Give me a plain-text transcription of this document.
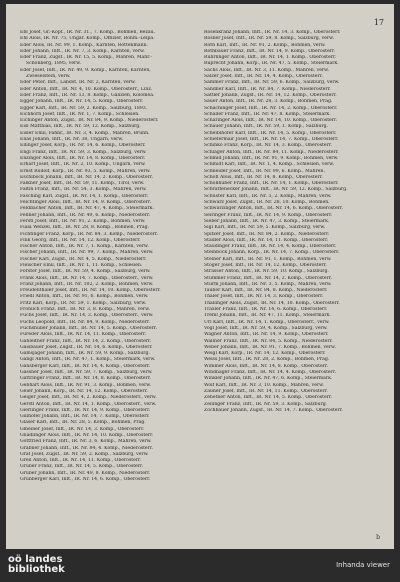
17
Ebl Josef, Gr.-Kopf., IR. Nr. 31., 7. Komp., Böhmen, Bezau.
Ehl Alois, IR. Nr. 75, Ungar. Komp., Offizier, Böhm.-Leipa.
Eder Alois, IR. Nr. 99, 1. Komp., Kärnten, Rottenmann.
Eder Johann, Inft., IR. Nr. 7, 3. Komp., Kärnten, verw.
Eder Franz, Zugsf., IR. Nr. 15, 5. Komp., Mähren, Mähr.-
Schönberg, 1895, verw.
Eder Josef, Inft., IR. Nr. 49, 9. Komp., Kärnten, Kärnten,
Zwieselstein, verw.
Eder Peter, Inft., Landst. IR. Nr. 2, Kärnten, verw.
Eder Anton, Inft., IR. Nr. 4, 10. Komp., Oberösterr., Linz.
Eder Franz, Inft., IR. Nr. 13, 8. Komp., Galizien, Kolomea.
Egger Johann, Inft., IR. Nr. 14, 5. Komp., Oberösterr.
Egger Karl, Inft., IR. Nr. 59, 2. Komp., Salzburg, 1893.
Eichhorn Josef, Inft., IR. Nr. 1, 7. Komp., Schlesien.
Eichinger Anton, Zugsf., IR. Nr. 84, 9. Komp., Niederösterr.
Eisl Matthias, Inft., IR. Nr. 59, 12. Komp., Salzburg.
Eisler Emil, Fähnr., IR. Nr. 3, 4. Komp., Mähren, Brünn.
Elias Johann, Inft., IR. Nr. 38, Ungarn, verw.
Ellinger Josef, Korp., IR. Nr. 14, 6. Komp., Oberösterr.
Engl Franz, Inft., IR. Nr. 59, 3. Komp., Salzburg, verw.
Enzinger Alois, Inft., IR. Nr. 14, 8. Komp., Oberösterr.
Erhart Josef, Inft., IR. Nr. 2, 10. Komp., Ungarn, verw.
Ernst Rudolf, Korp., IR. Nr. 93, 5. Komp., Mähren, verw.
Eschlböck Johann, Inft., IR. Nr. 14, 2. Komp., Oberösterr.
Falkner Josef, Inft., IR. Nr. 59, 11. Komp., Tirol, verw.
Faltin Franz, Inft., IR. Nr. 54, 3. Komp., Mähren, verw.
Fasching Karl, Zugsf., IR. Nr. 14, 1. Komp., Oberösterr.
Feichtinger Alois, Inft., IR. Nr. 14, 9. Komp., Oberösterr.
Feldbacher Anton, Inft., IR. Nr. 47, 4. Komp., Steiermark.
Fellner Johann, Inft., IR. Nr. 49, 6. Komp., Niederösterr.
Ferstl Josef, Inft., IR. Nr. 91, 2. Komp., Böhmen, verw.
Fiala Wenzel, Inft., IR. Nr. 28, 8. Komp., Böhmen, Prag.
Fichtinger Franz, Korp., IR. Nr. 84, 3. Komp., Niederösterr.
Fink Georg, Inft., IR. Nr. 14, 12. Komp., Oberösterr.
Fischer Anton, Inft., IR. Nr. 7, 1. Komp., Kärnten, verw.
Fischer Johann, Inft., IR. Nr. 99, 7. Komp., Mähren, verw.
Fischer Karl, Zugsf., IR. Nr. 4, 5. Komp., Niederösterr.
Fleischer Emil, Inft., IR. Nr. 1, 11. Komp., Schlesien.
Forster Josef, Inft., IR. Nr. 59, 4. Komp., Salzburg, verw.
Frank Alois, Inft., IR. Nr. 14, 7. Komp., Oberösterr., verw.
Franz Johann, Inft., IR. Nr. 102, 2. Komp., Böhmen, verw.
Freudenthaler Josef, Inft., IR. Nr. 14, 10. Komp., Oberösterr.
Friedl Anton, Inft., IR. Nr. 91, 6. Komp., Böhmen, verw.
Fritz Karl, Korp., IR. Nr. 59, 1. Komp., Salzburg, verw.
Fröhlich Franz, Inft., IR. Nr. 3, 8. Komp., Mähren, verw.
Fuchs Josef, Inft., IR. Nr. 14, 3. Komp., Oberösterr., verw.
Fuchs Leopold, Inft., IR. Nr. 84, 9. Komp., Niederösterr.
Fuchshuber Johann, Inft., IR. Nr. 14, 5. Komp., Oberösterr.
Füreder Alois, Inft., IR. Nr. 14, 11. Komp., Oberösterr.
Gahleitner Franz, Inft., IR. Nr. 14, 2. Komp., Oberösterr.
Gaisbauer Josef, Zugsf., IR. Nr. 14, 6. Komp., Oberösterr.
Gamsjäger Johann, Inft., IR. Nr. 59, 9. Komp., Salzburg.
Gangl Anton, Inft., IR. Nr. 47, 1. Komp., Steiermark, verw.
Gansberger Karl, Inft., IR. Nr. 14, 4. Komp., Oberösterr.
Gassner Josef, Inft., IR. Nr. 59, 7. Komp., Salzburg, verw.
Gattringer Franz, Inft., IR. Nr. 14, 8. Komp., Oberösterr.
Gebhart Alois, Inft., IR. Nr. 91, 3. Komp., Böhmen, verw.
Geier Johann, Korp., IR. Nr. 14, 12. Komp., Oberösterr.
Geiger Josef, Inft., IR. Nr. 4, 2. Komp., Niederösterr., verw.
Gerstl Anton, Inft., IR. Nr. 14, 1. Komp., Oberösterr., verw.
Gierlinger Franz, Inft., IR. Nr. 14, 9. Komp., Oberösterr.
Gillhofer Johann, Inft., IR. Nr. 14, 7. Komp., Oberösterr.
Glaser Karl, Inft., IR. Nr. 28, 5. Komp., Böhmen, Prag.
Gmeiner Josef, Inft., IR. Nr. 14, 3. Komp., Oberösterr.
Gnadlinger Alois, Inft., IR. Nr. 14, 10. Komp., Oberösterr.
Gottfried Franz, Inft., IR. Nr. 3, 6. Komp., Mähren, verw.
Grabner Johann, Inft., IR. Nr. 84, 4. Komp., Niederösterr.
Graf Josef, Zugsf., IR. Nr. 59, 2. Komp., Salzburg, verw.
Greil Anton, Inft., IR. Nr. 14, 11. Komp., Oberösterr.
Gruber Franz, Inft., IR. Nr. 14, 5. Komp., Oberösterr.
Gruber Johann, Inft., IR. Nr. 49, 8. Komp., Niederösterr.
Grünberger Karl, Inft., IR. Nr. 14, 6. Komp., Oberösterr.
Rosenkranz Johann, Inft., IR. Nr. 14, 3. Komp., Oberösterr.
Rosner Josef, Inft., IR. Nr. 59, 8. Komp., Salzburg, verw.
Roth Karl, Inft., IR. Nr. 91, 2. Komp., Böhmen, verw.
Rothbauer Franz, Inft., IR. Nr. 14, 9. Komp., Oberösterr.
Rührlinger Anton, Inft., IR. Nr. 14, 1. Komp., Oberösterr.
Ruprecht Johann, Korp., IR. Nr. 47, 5. Komp., Steiermark.
Sachs Alois, Inft., IR. Nr. 3, 11. Komp., Mähren, verw.
Salzer Josef, Inft., IR. Nr. 14, 4. Komp., Oberösterr.
Sammer Franz, Inft., IR. Nr. 59, 6. Komp., Salzburg, verw.
Sandner Karl, Inft., IR. Nr. 84, 7. Komp., Niederösterr.
Sattler Johann, Zugsf., IR. Nr. 14, 12. Komp., Oberösterr.
Sauer Anton, Inft., IR. Nr. 28, 3. Komp., Böhmen, Prag.
Schachinger Josef, Inft., IR. Nr. 14, 2. Komp., Oberösterr.
Schaller Franz, Inft., IR. Nr. 47, 8. Komp., Steiermark.
Scharinger Alois, Inft., IR. Nr. 14, 10. Komp., Oberösterr.
Schauer Johann, Inft., IR. Nr. 59, 1. Komp., Salzburg.
Scheiblhofer Karl, Inft., IR. Nr. 14, 5. Komp., Oberösterr.
Schiefermair Josef, Inft., IR. Nr. 14, 7. Komp., Oberösterr.
Schinko Franz, Korp., IR. Nr. 14, 3. Komp., Oberösterr.
Schlager Anton, Inft., IR. Nr. 84, 11. Komp., Niederösterr.
Schmid Johann, Inft., IR. Nr. 91, 9. Komp., Böhmen, verw.
Schmidt Karl, Inft., IR. Nr. 1, 4. Komp., Schlesien, verw.
Schneider Josef, Inft., IR. Nr. 99, 6. Komp., Mähren.
Schöfl Alois, Inft., IR. Nr. 14, 8. Komp., Oberösterr.
Schöllhuber Franz, Inft., IR. Nr. 14, 1. Komp., Oberösterr.
Schrattenecker Johann, Inft., IR. Nr. 59, 12. Komp., Salzburg.
Schuster Karl, Inft., IR. Nr. 3, 2. Komp., Mähren, verw.
Schwarz Josef, Zugsf., IR. Nr. 28, 10. Komp., Böhmen.
Schwarzinger Anton, Inft., IR. Nr. 14, 6. Komp., Oberösterr.
Seiringer Franz, Inft., IR. Nr. 14, 9. Komp., Oberösterr.
Sieber Johann, Inft., IR. Nr. 47, 3. Komp., Steiermark.
Sigl Karl, Inft., IR. Nr. 59, 5. Komp., Salzburg, verw.
Spitzer Josef, Inft., IR. Nr. 84, 2. Komp., Niederösterr.
Stadler Alois, Inft., IR. Nr. 14, 11. Komp., Oberösterr.
Staudinger Franz, Inft., IR. Nr. 14, 4. Komp., Oberösterr.
Steinbock Johann, Korp., IR. Nr. 14, 7. Komp., Oberösterr.
Steiner Karl, Inft., IR. Nr. 91, 1. Komp., Böhmen, verw.
Stöger Josef, Inft., IR. Nr. 14, 12. Komp., Oberösterr.
Strasser Anton, Inft., IR. Nr. 59, 10. Komp., Salzburg.
Stummer Franz, Inft., IR. Nr. 14, 2. Komp., Oberösterr.
Sturm Johann, Inft., IR. Nr. 3, 5. Komp., Mähren, verw.
Tauber Karl, Inft., IR. Nr. 84, 8. Komp., Niederösterr.
Thaler Josef, Inft., IR. Nr. 14, 3. Komp., Oberösterr.
Thallinger Alois, Zugsf., IR. Nr. 14, 10. Komp., Oberösterr.
Traxler Franz, Inft., IR. Nr. 14, 6. Komp., Oberösterr.
Treml Johann, Inft., IR. Nr. 47, 11. Komp., Steiermark.
Url Karl, Inft., IR. Nr. 14, 1. Komp., Oberösterr., verw.
Vogl Josef, Inft., IR. Nr. 59, 4. Komp., Salzburg, verw.
Wagner Anton, Inft., IR. Nr. 14, 9. Komp., Oberösterr.
Wallner Franz, Inft., IR. Nr. 84, 5. Komp., Niederösterr.
Weber Johann, Inft., IR. Nr. 91, 7. Komp., Böhmen, verw.
Weigl Karl, Korp., IR. Nr. 14, 12. Komp., Oberösterr.
Weiss Josef, Inft., IR. Nr. 28, 2. Komp., Böhmen, Prag.
Wimmer Alois, Inft., IR. Nr. 14, 8. Komp., Oberösterr.
Windhager Franz, Inft., IR. Nr. 14, 4. Komp., Oberösterr.
Winkler Johann, Inft., IR. Nr. 47, 6. Komp., Steiermark.
Wolf Karl, Inft., IR. Nr. 3, 10. Komp., Mähren, verw.
Zauner Josef, Inft., IR. Nr. 14, 11. Komp., Oberösterr.
Zehetner Anton, Inft., IR. Nr. 14, 5. Komp., Oberösterr.
Zeilinger Franz, Inft., IR. Nr. 59, 3. Komp., Salzburg.
Zöchbauer Johann, Zugsf., IR. Nr. 14, 7. Komp., Oberösterr.
b
oö landes
bibliothek	Inhanda viewer
